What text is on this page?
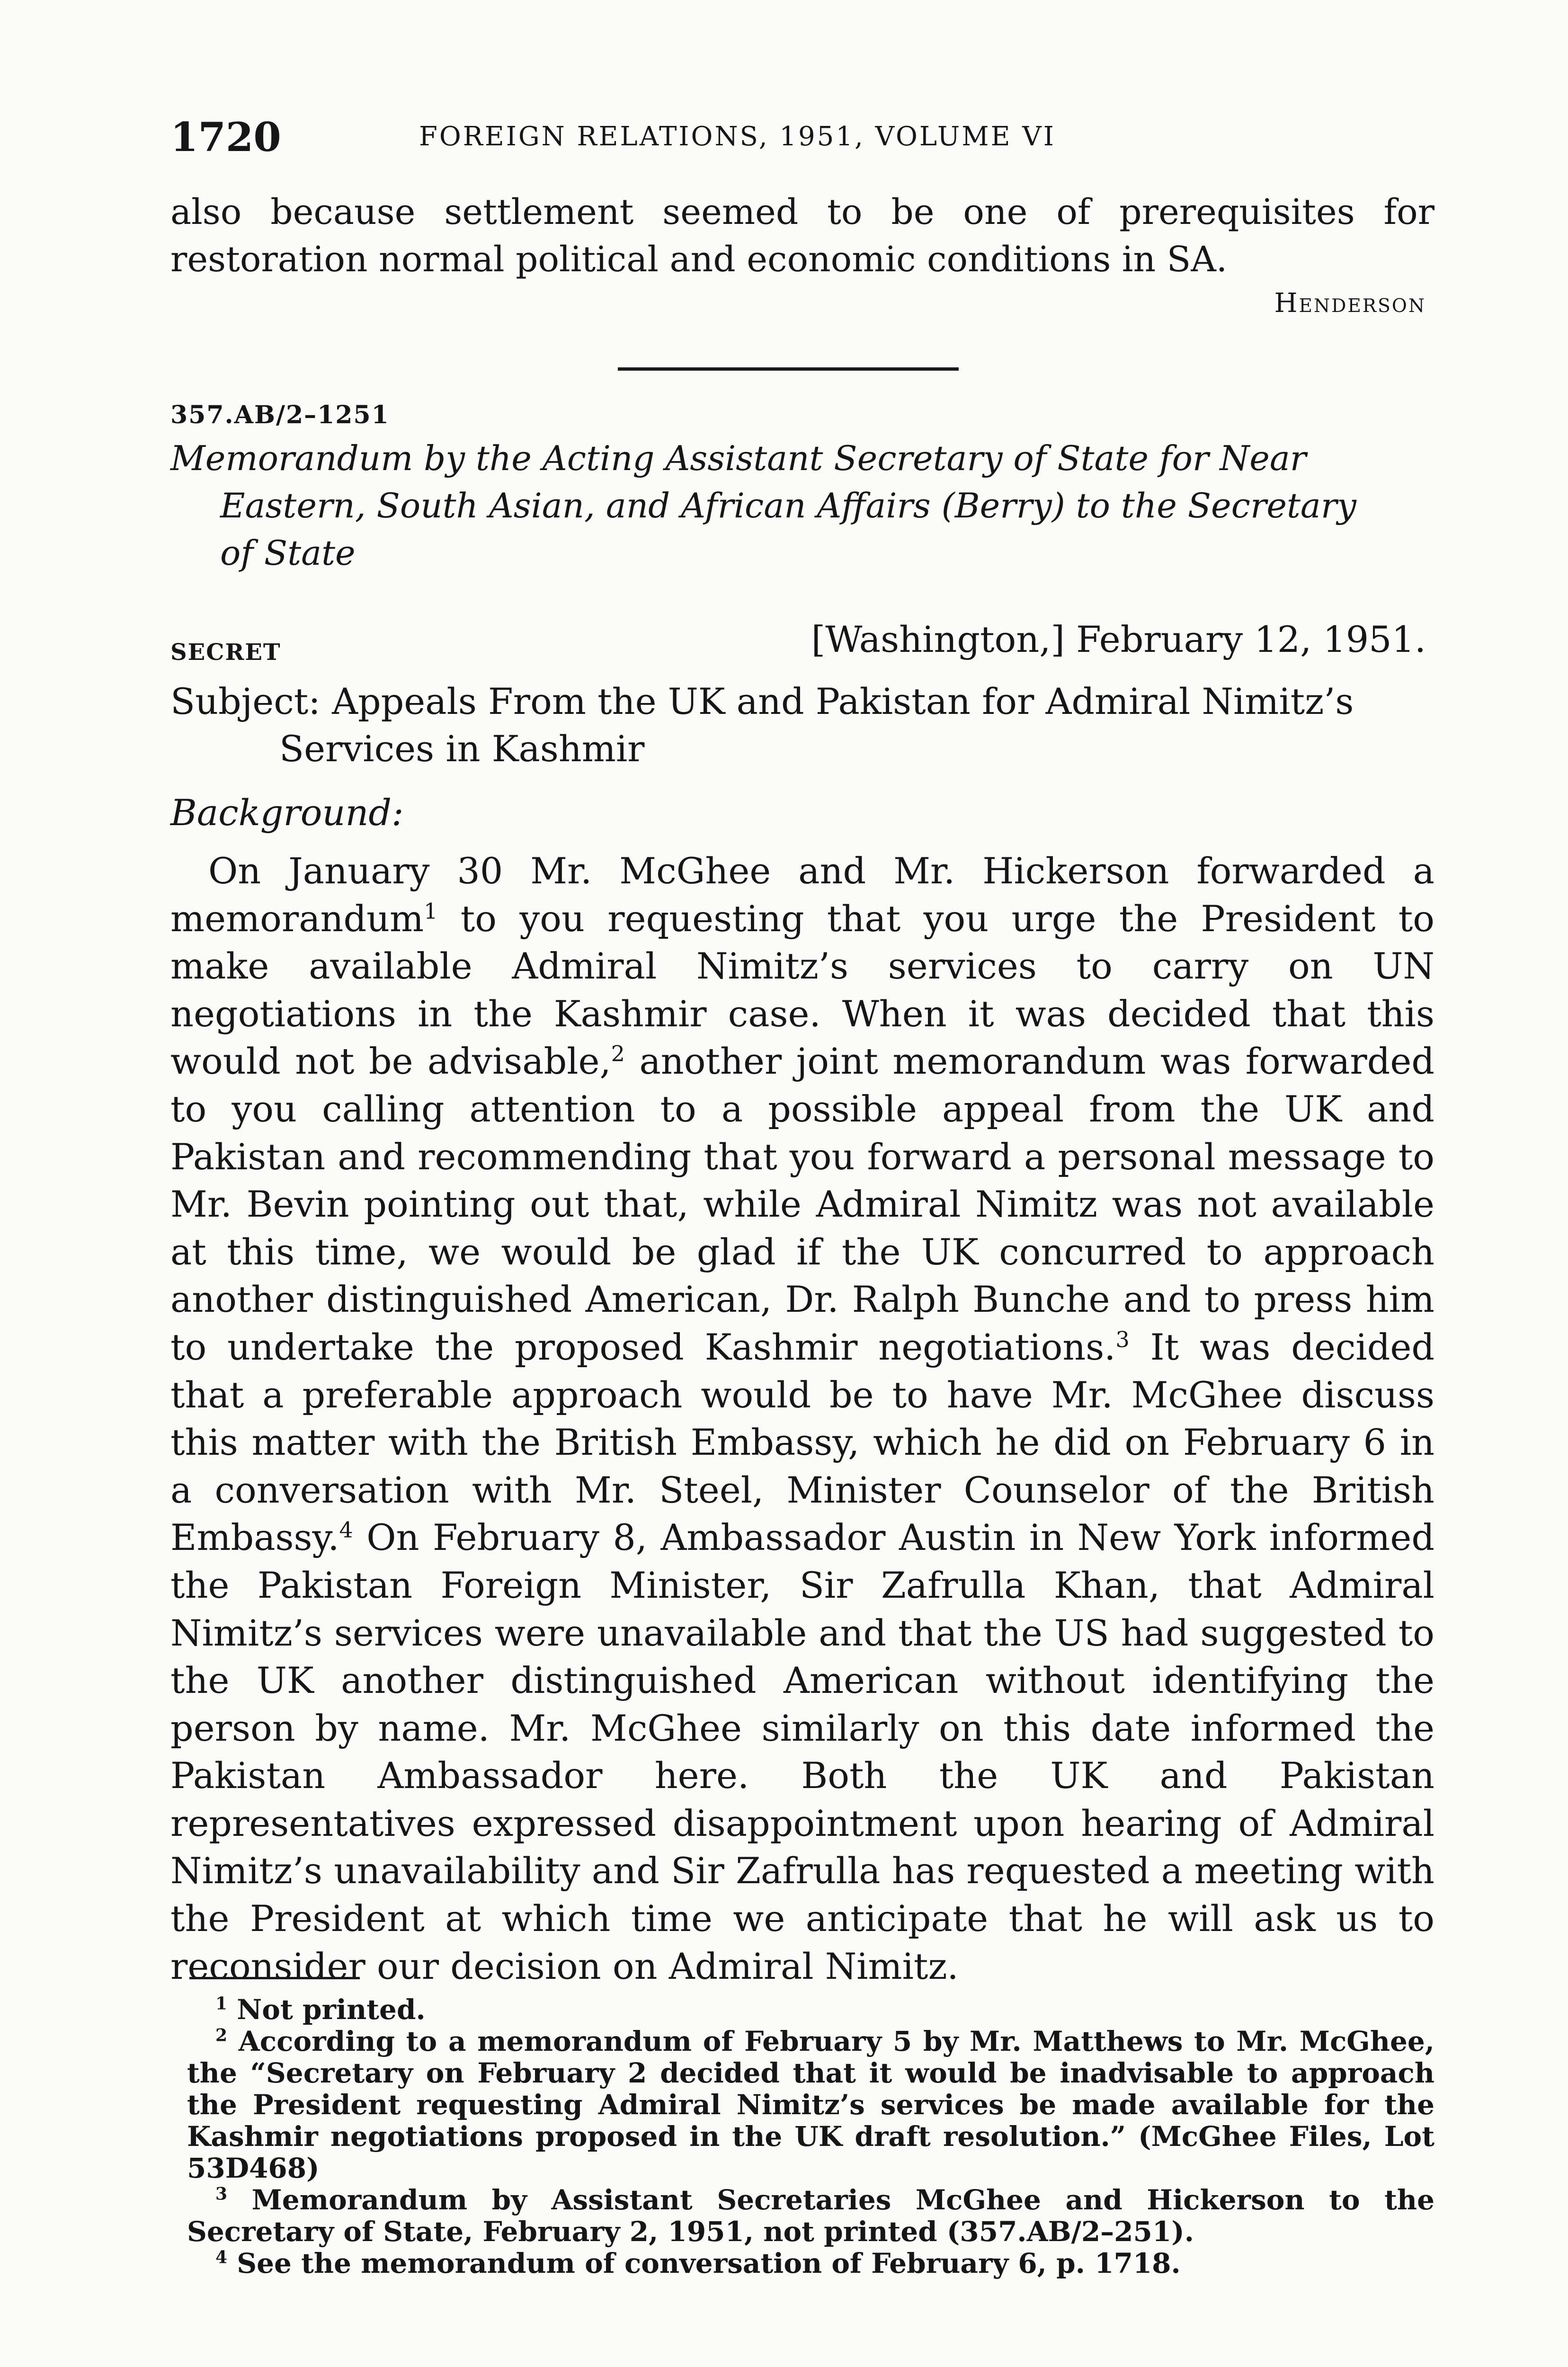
1720	FOREIGN RELATIONS, 1951, VOLUME VI

also because settlement seemed to be one of prerequisites for restoration normal political and economic conditions in SA.

Henderson
357.AB/2–1251
Memorandum by the Acting Assistant Secretary of State for Near
Eastern, South Asian, and African Affairs (Berry) to the Secretary
of State
SECRET	[Washington,] February 12, 1951.
Subject: Appeals From the UK and Pakistan for Admiral Nimitz’s
Services in Kashmir
Background:

On January 30 Mr. McGhee and Mr. Hickerson forwarded a memorandum$^1$ to you requesting that you urge the President to make available Admiral Nimitz’s services to carry on UN negotiations in the Kashmir case. When it was decided that this would not be advisable,$^2$ another joint memorandum was forwarded to you calling attention to a possible appeal from the UK and Pakistan and recommending that you forward a personal message to Mr. Bevin pointing out that, while Admiral Nimitz was not available at this time, we would be glad if the UK concurred to approach another distinguished American, Dr. Ralph Bunche and to press him to undertake the proposed Kashmir negotiations.$^3$ It was decided that a preferable approach would be to have Mr. McGhee discuss this matter with the British Embassy, which he did on February 6 in a conversation with Mr. Steel, Minister Counselor of the British Embassy.$^4$ On February 8, Ambassador Austin in New York informed the Pakistan Foreign Minister, Sir Zafrulla Khan, that Admiral Nimitz’s services were unavailable and that the US had suggested to the UK another distinguished American without identifying the person by name. Mr. McGhee similarly on this date informed the Pakistan Ambassador here. Both the UK and Pakistan representatives expressed disappointment upon hearing of Admiral Nimitz’s unavailability and Sir Zafrulla has requested a meeting with the President at which time we anticipate that he will ask us to reconsider our decision on Admiral Nimitz.

$^1$ Not printed.

$^2$ According to a memorandum of February 5 by Mr. Matthews to Mr. McGhee, the “Secretary on February 2 decided that it would be inadvisable to approach the President requesting Admiral Nimitz’s services be made available for the Kashmir negotiations proposed in the UK draft resolution.” (McGhee Files, Lot 53D468)

$^3$ Memorandum by Assistant Secretaries McGhee and Hickerson to the Secretary of State, February 2, 1951, not printed (357.AB/2–251).

$^4$ See the memorandum of conversation of February 6, p. 1718.
